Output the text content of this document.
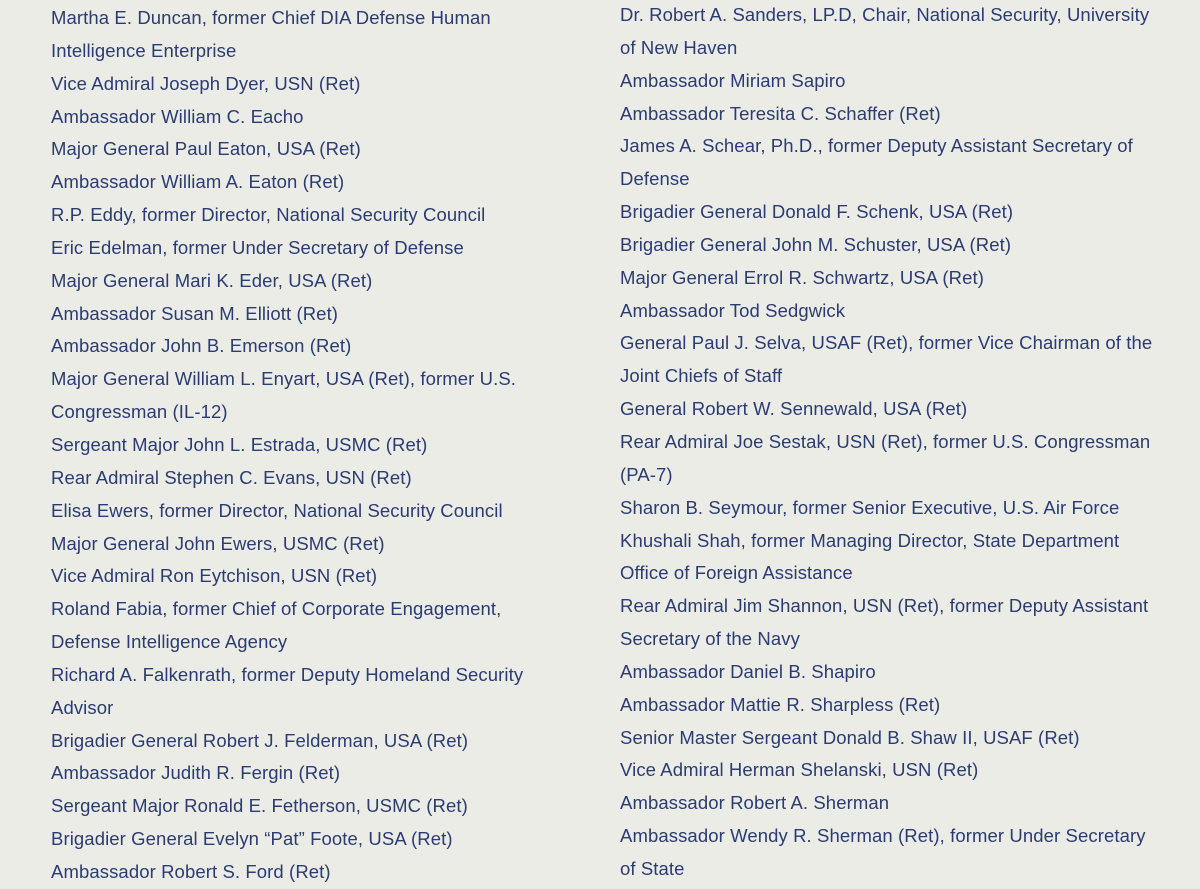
Martha E. Duncan, former Chief DIA Defense Human
Intelligence Enterprise
Vice Admiral Joseph Dyer, USN (Ret)
Ambassador William C. Eacho
Major General Paul Eaton, USA (Ret)
Ambassador William A. Eaton (Ret)
R.P. Eddy, former Director, National Security Council
Eric Edelman, former Under Secretary of Defense
Major General Mari K. Eder, USA (Ret)
Ambassador Susan M. Elliott (Ret)
Ambassador John B. Emerson (Ret)
Major General William L. Enyart, USA (Ret), former U.S.
Congressman (IL-12)
Sergeant Major John L. Estrada, USMC (Ret)
Rear Admiral Stephen C. Evans, USN (Ret)
Elisa Ewers, former Director, National Security Council
Major General John Ewers, USMC (Ret)
Vice Admiral Ron Eytchison, USN (Ret)
Roland Fabia, former Chief of Corporate Engagement,
Defense Intelligence Agency
Richard A. Falkenrath, former Deputy Homeland Security
Advisor
Brigadier General Robert J. Felderman, USA (Ret)
Ambassador Judith R. Fergin (Ret)
Sergeant Major Ronald E. Fetherson, USMC (Ret)
Brigadier General Evelyn “Pat” Foote, USA (Ret)
Ambassador Robert S. Ford (Ret)
Dr. Robert A. Sanders, LP.D, Chair, National Security, University
of New Haven
Ambassador Miriam Sapiro
Ambassador Teresita C. Schaffer (Ret)
James A. Schear, Ph.D., former Deputy Assistant Secretary of
Defense
Brigadier General Donald F. Schenk, USA (Ret)
Brigadier General John M. Schuster, USA (Ret)
Major General Errol R. Schwartz, USA (Ret)
Ambassador Tod Sedgwick
General Paul J. Selva, USAF (Ret), former Vice Chairman of the
Joint Chiefs of Staff
General Robert W. Sennewald, USA (Ret)
Rear Admiral Joe Sestak, USN (Ret), former U.S. Congressman
(PA-7)
Sharon B. Seymour, former Senior Executive, U.S. Air Force
Khushali Shah, former Managing Director, State Department
Office of Foreign Assistance
Rear Admiral Jim Shannon, USN (Ret), former Deputy Assistant
Secretary of the Navy
Ambassador Daniel B. Shapiro
Ambassador Mattie R. Sharpless (Ret)
Senior Master Sergeant Donald B. Shaw II, USAF (Ret)
Vice Admiral Herman Shelanski, USN (Ret)
Ambassador Robert A. Sherman
Ambassador Wendy R. Sherman (Ret), former Under Secretary
of State
